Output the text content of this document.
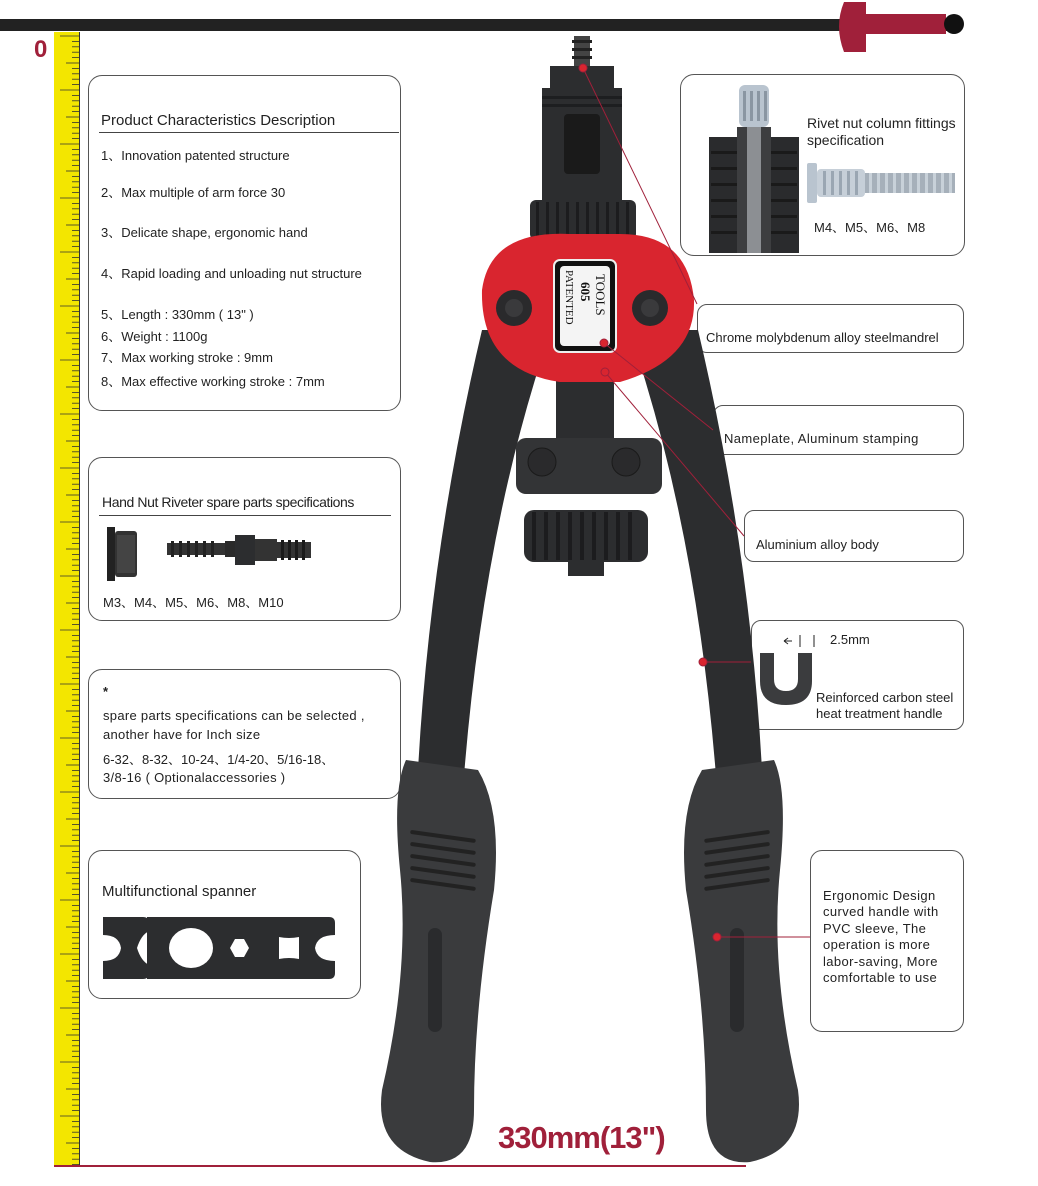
0
330mm(13")
Product Characteristics Description
1、Innovation patented structure
2、Max multiple of arm force 30
3、Delicate shape, ergonomic hand
4、Rapid loading and unloading nut structure
5、Length : 330mm ( 13" )
6、Weight : 1100g
7、Max working stroke : 9mm
8、Max effective working stroke : 7mm
Hand Nut Riveter spare parts specifications
M3、M4、M5、M6、M8、M10
*
spare parts specifications can be selected ,
another have for Inch size
6-32、8-32、10-24、1/4-20、5/16-18、
3/8-16 ( Optionalaccessories )
Multifunctional spanner
Rivet nut column fittings
specification
M4、M5、M6、M8
Chrome molybdenum alloy steelmandrel
Nameplate, Aluminum stamping
Aluminium alloy body
2.5mm
Reinforced carbon steel
heat treatment handle
Ergonomic Design
curved handle with
PVC sleeve, The
operation is more
labor-saving, More
comfortable to use
TOOLS
605
PATENTED
